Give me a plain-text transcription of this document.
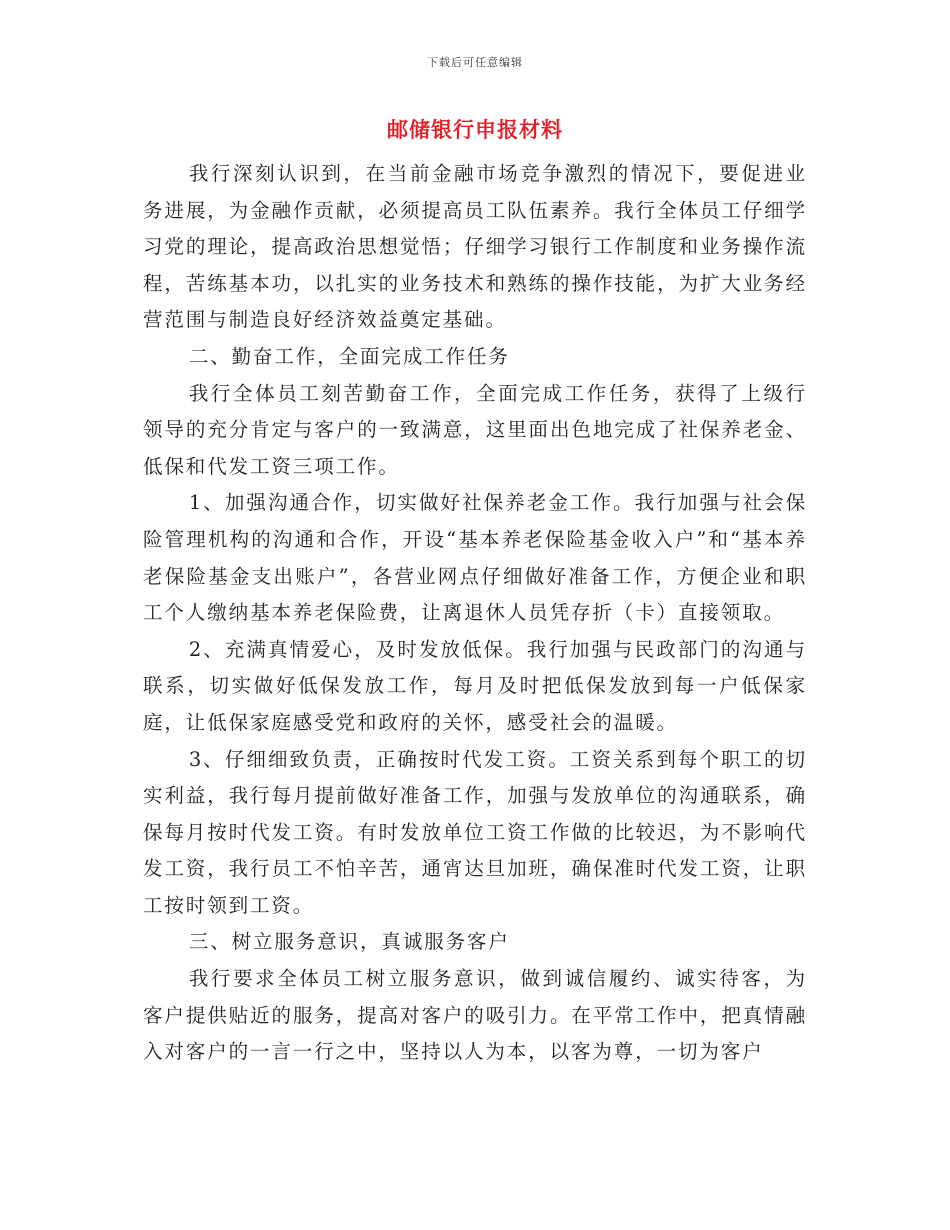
下载后可任意编辑
邮储银行申报材料

我行深刻认识到，在当前金融市场竞争激烈的情况下，要促进业务进展，为金融作贡献，必须提高员工队伍素养。我行全体员工仔细学习党的理论，提高政治思想觉悟；仔细学习银行工作制度和业务操作流程，苦练基本功，以扎实的业务技术和熟练的操作技能，为扩大业务经营范围与制造良好经济效益奠定基础。

二、勤奋工作，全面完成工作任务

我行全体员工刻苦勤奋工作，全面完成工作任务，获得了上级行领导的充分肯定与客户的一致满意，这里面出色地完成了社保养老金、低保和代发工资三项工作。

1、加强沟通合作，切实做好社保养老金工作。我行加强与社会保险管理机构的沟通和合作，开设“基本养老保险基金收入户”和“基本养老保险基金支出账户”，各营业网点仔细做好准备工作，方便企业和职工个人缴纳基本养老保险费，让离退休人员凭存折（卡）直接领取。

2、充满真情爱心，及时发放低保。我行加强与民政部门的沟通与联系，切实做好低保发放工作，每月及时把低保发放到每一户低保家庭，让低保家庭感受党和政府的关怀，感受社会的温暖。

3、仔细细致负责，正确按时代发工资。工资关系到每个职工的切实利益，我行每月提前做好准备工作，加强与发放单位的沟通联系，确保每月按时代发工资。有时发放单位工资工作做的比较迟，为不影响代发工资，我行员工不怕辛苦，通宵达旦加班，确保准时代发工资，让职工按时领到工资。

三、树立服务意识，真诚服务客户

我行要求全体员工树立服务意识，做到诚信履约、诚实待客，为客户提供贴近的服务，提高对客户的吸引力。在平常工作中，把真情融入对客户的一言一行之中，坚持以人为本，以客为尊，一切为客户
